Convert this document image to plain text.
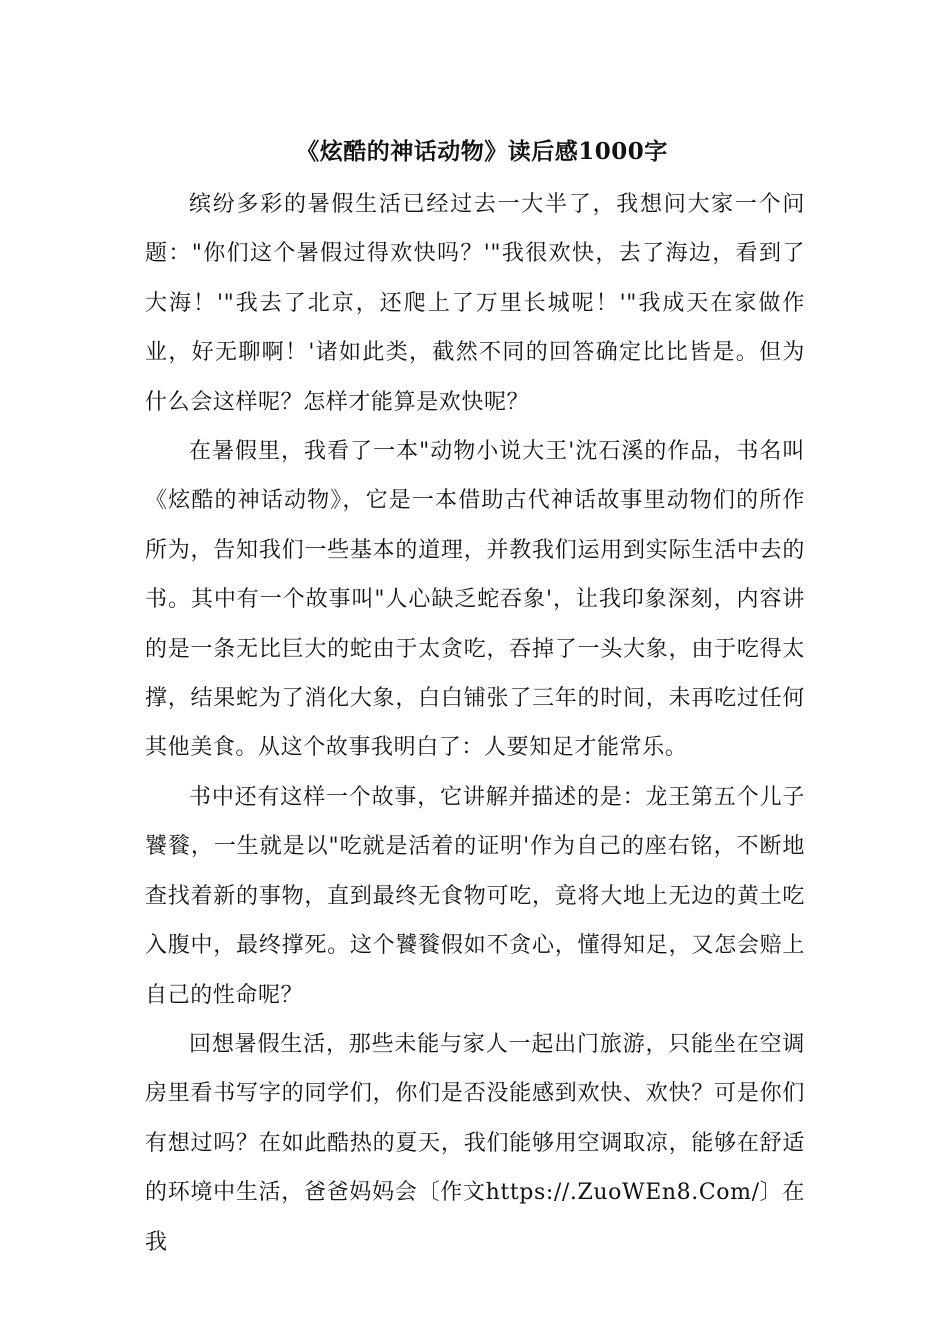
《炫酷的神话动物》读后感1000字

缤纷多彩的暑假生活已经过去一大半了，我想问大家一个问题："你们这个暑假过得欢快吗？'"我很欢快，去了海边，看到了大海！'"我去了北京，还爬上了万里长城呢！'"我成天在家做作业，好无聊啊！'诸如此类，截然不同的回答确定比比皆是。但为什么会这样呢？怎样才能算是欢快呢？

在暑假里，我看了一本"动物小说大王'沈石溪的作品，书名叫《炫酷的神话动物》，它是一本借助古代神话故事里动物们的所作所为，告知我们一些基本的道理，并教我们运用到实际生活中去的书。其中有一个故事叫"人心缺乏蛇吞象'，让我印象深刻，内容讲的是一条无比巨大的蛇由于太贪吃，吞掉了一头大象，由于吃得太撑，结果蛇为了消化大象，白白铺张了三年的时间，未再吃过任何其他美食。从这个故事我明白了：人要知足才能常乐。

书中还有这样一个故事，它讲解并描述的是：龙王第五个儿子饕餮，一生就是以"吃就是活着的证明'作为自己的座右铭，不断地查找着新的事物，直到最终无食物可吃，竟将大地上无边的黄土吃入腹中，最终撑死。这个饕餮假如不贪心，懂得知足，又怎会赔上自己的性命呢？

回想暑假生活，那些未能与家人一起出门旅游，只能坐在空调房里看书写字的同学们，你们是否没能感到欢快、欢快？可是你们有想过吗？在如此酷热的夏天，我们能够用空调取凉，能够在舒适的环境中生活，爸爸妈妈会〔作文https://.ZuoWEn8.Com/〕在我
